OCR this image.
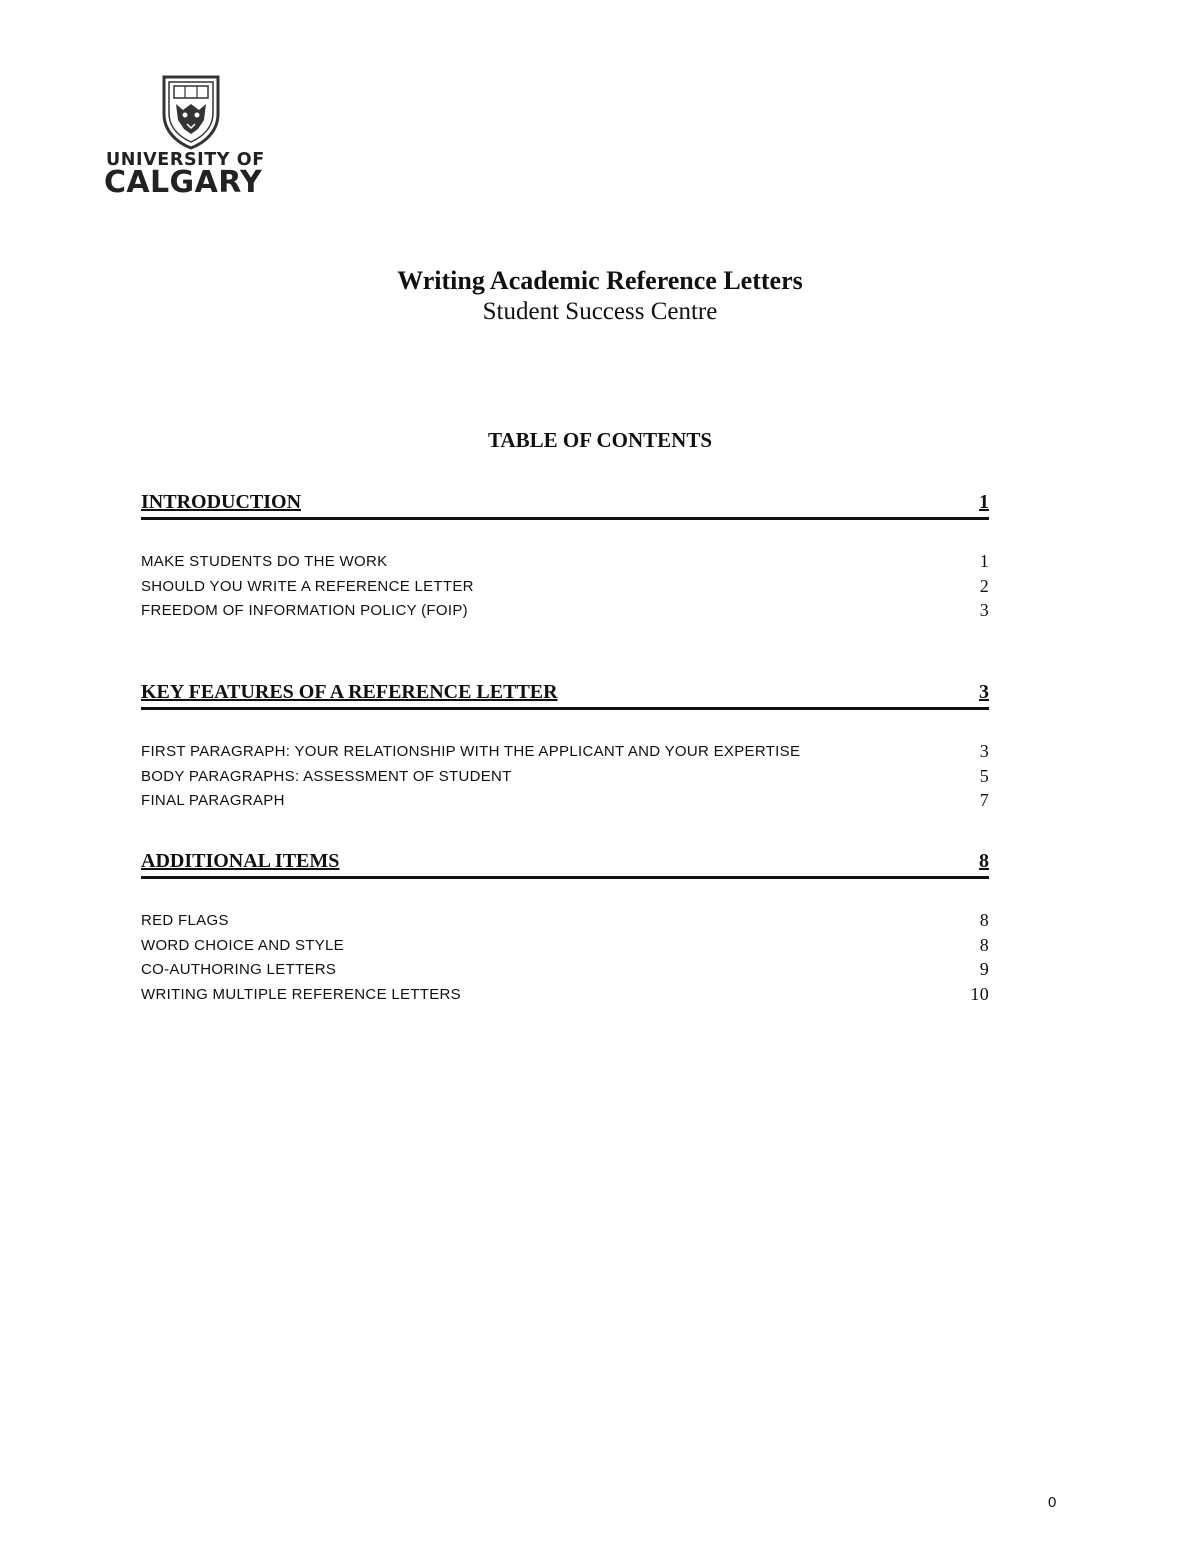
UNIVERSITY OF
CALGARY
Writing Academic Reference Letters
Student Success Centre
TABLE OF CONTENTS
INTRODUCTION	1
MAKE STUDENTS DO THE WORK	1
SHOULD YOU WRITE A REFERENCE LETTER	2
FREEDOM OF INFORMATION POLICY (FOIP)	3
KEY FEATURES OF A REFERENCE LETTER	3
FIRST PARAGRAPH: YOUR RELATIONSHIP WITH THE APPLICANT AND YOUR EXPERTISE	3
BODY PARAGRAPHS: ASSESSMENT OF STUDENT	5
FINAL PARAGRAPH	7
ADDITIONAL ITEMS	8
RED FLAGS	8
WORD CHOICE AND STYLE	8
CO-AUTHORING LETTERS	9
WRITING MULTIPLE REFERENCE LETTERS	10
0
